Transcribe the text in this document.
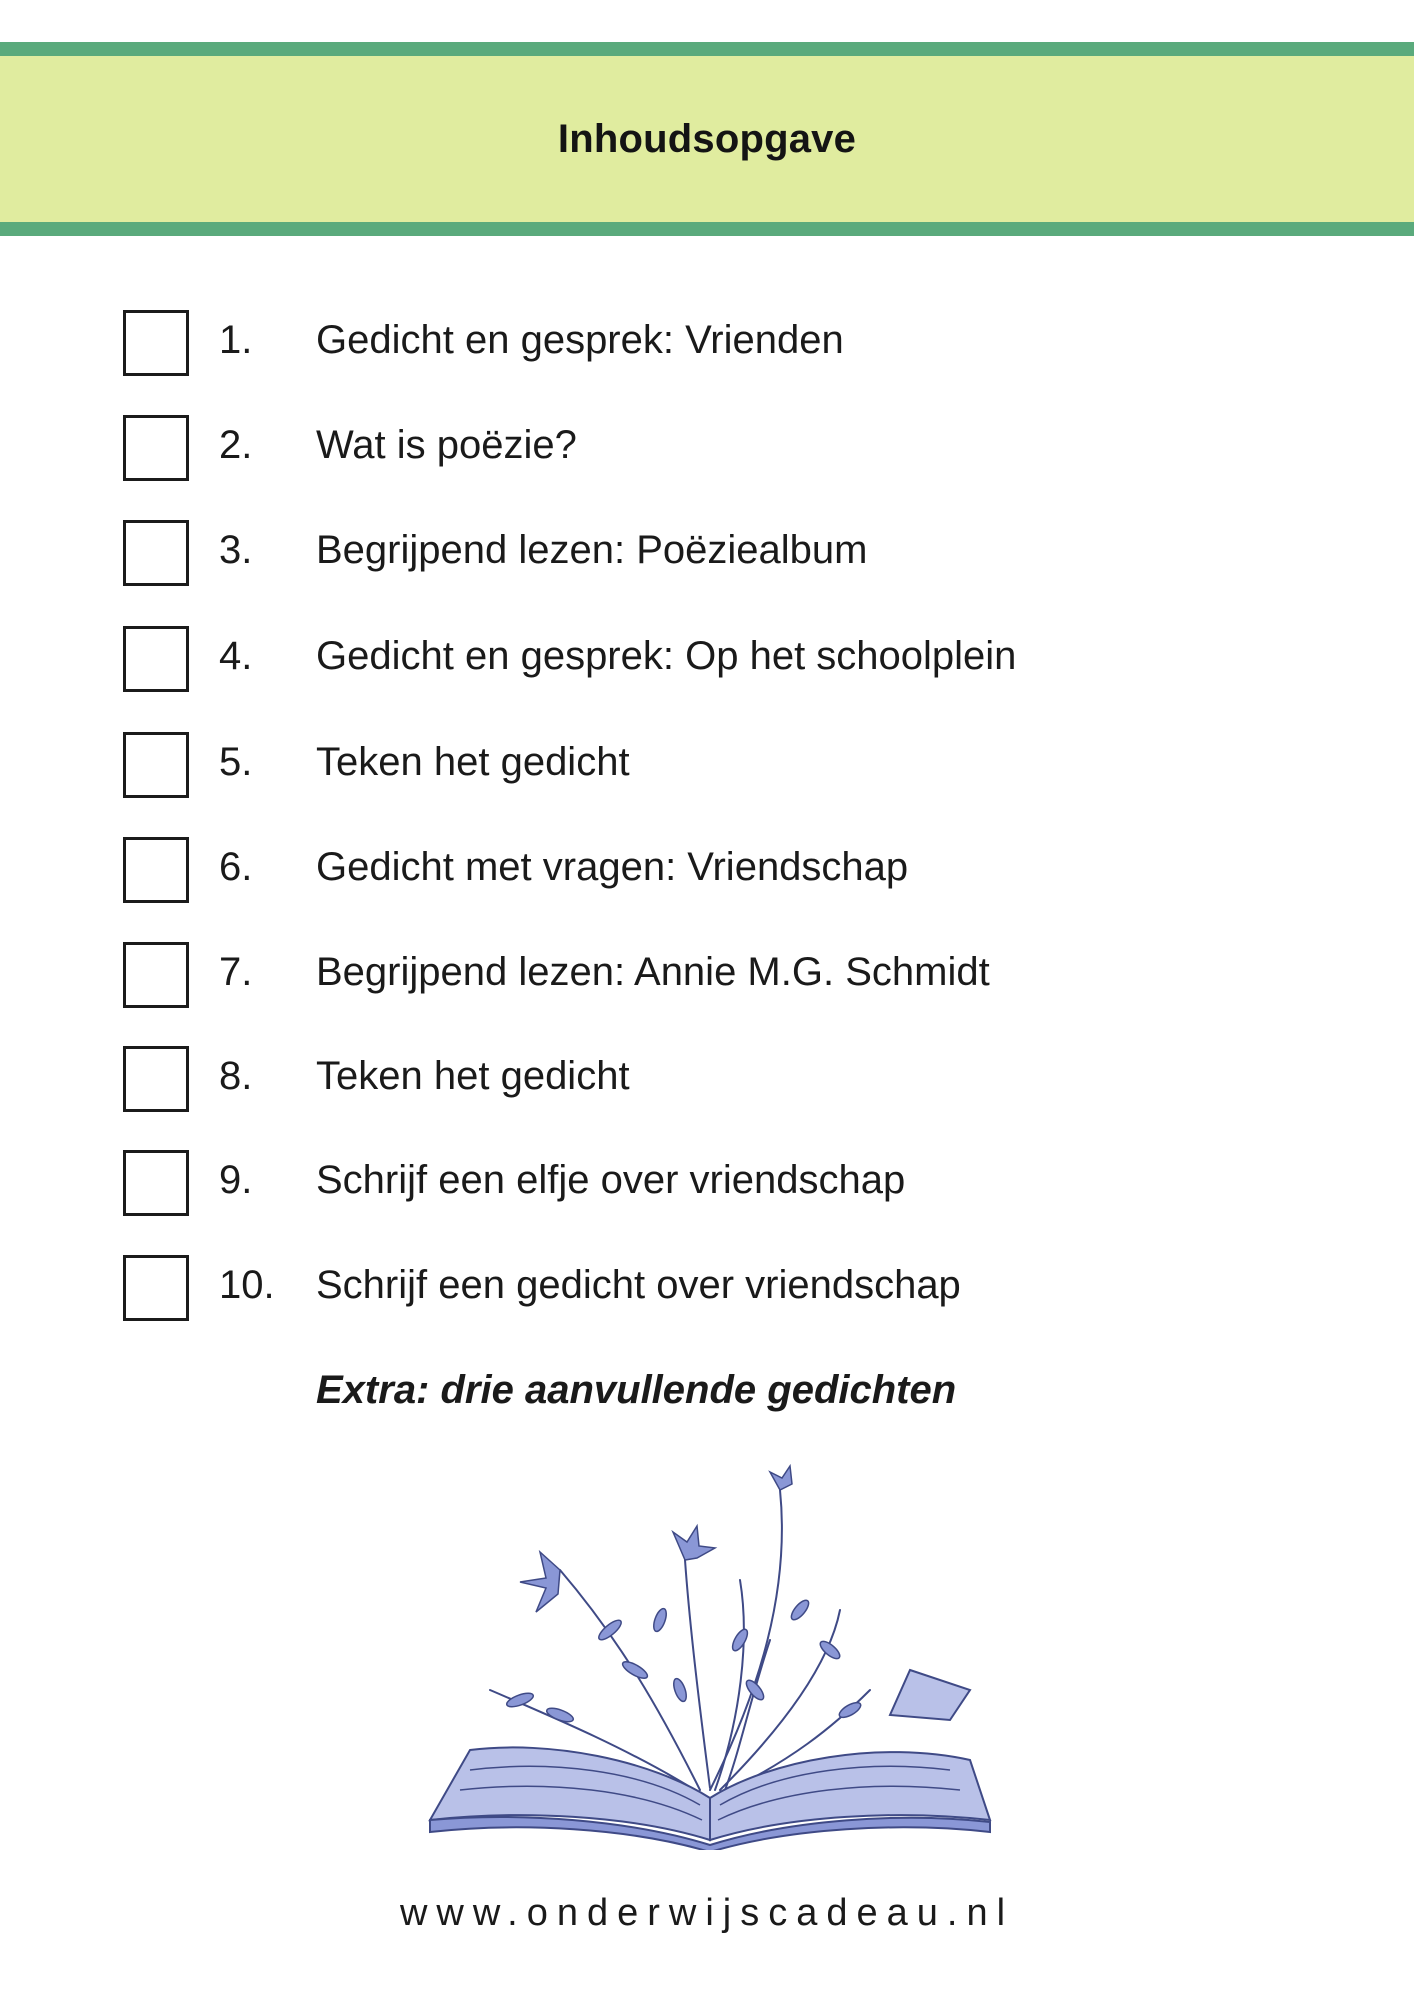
Inhoudsopgave
1. Gedicht en gesprek: Vrienden
2. Wat is poëzie?
3. Begrijpend lezen: Poëziealbum
4. Gedicht en gesprek: Op het schoolplein
5. Teken het gedicht
6. Gedicht met vragen: Vriendschap
7. Begrijpend lezen: Annie M.G. Schmidt
8. Teken het gedicht
9. Schrijf een elfje over vriendschap
10. Schrijf een gedicht over vriendschap
Extra: drie aanvullende gedichten
www.onderwijscadeau.nl
